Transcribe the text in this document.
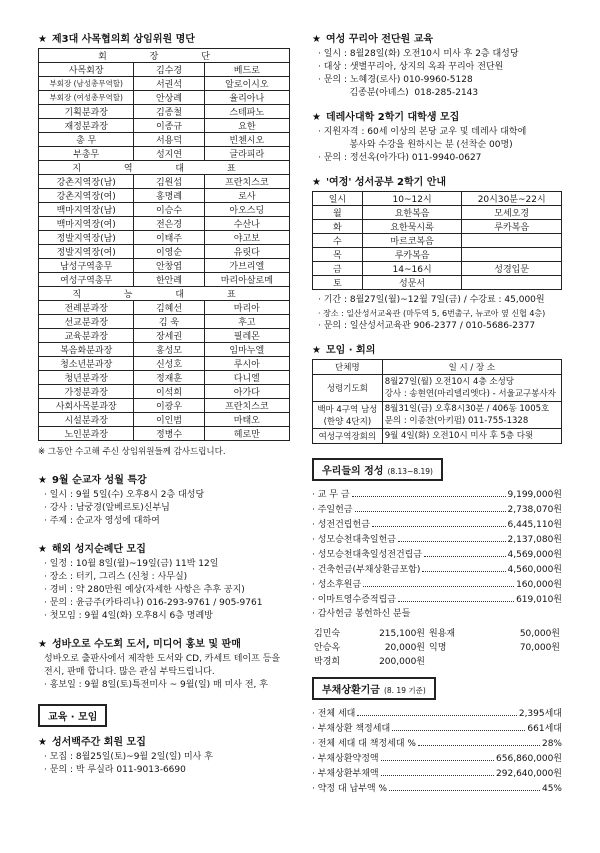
★ 제3대 사목협의회 상임위원 명단
회 장 단		
사목회장	김수경	베드로
부회장 (남성총무역할)	서권석	알로이시오
부회장 (여성총무역할)	안상례	율리아나
기획분과장	김종철	스테파노
재정분과장	이종규	요한
총 무	서용덕	빈첸시오
부총무	성지연	글라피라
지 역 대 표		
강촌지역장(남)	김원섭	프란치스코
강촌지역장(여)	홍명례	로사
백마지역장(남)	이승수	아오스딩
백마지역장(여)	전은경	수산나
정발지역장(남)	이태주	야고보
정발지역장(여)	이영순	유릿다
남성구역총무	안창엽	가브리엘
여성구역총무	한안례	마리아살로메
직 능 대 표		
전례분과장	김혜선	마리아
선교분과장	김 욱	후고
교육분과장	장세권	필레몬
복음화분과장	홍성모	임마누엘
청소년분과장	신성호	루시아
청년분과장	정재훈	다니엘
가정분과장	이석희	아가다
사회사목분과장	이광우	프란치스코
시설분과장	이인범	마태오
노인분과장	정병수	헤로만
※ 그동안 수고해 주신 상임위원들께 감사드립니다.
★ 9월 순교자 성월 특강
· 일시 : 9월 5일(수) 오후8시 2층 대성당
· 강사 : 남궁경(알베르토)신부님
· 주제 : 순교자 영성에 대하여
★ 해외 성지순례단 모집
· 일정 : 10월 8일(월)~19일(금) 11박 12일
· 장소 : 터키, 그리스 (신청 : 사무실)
· 경비 : 약 280만원 예상(자세한 사항은 추후 공지)
· 문의 : 윤금주(카타리나) 016-293-9761 / 905-9761
· 첫모임 : 9월 4일(화) 오후8시 6층 명례방
★ 성바오로 수도회 도서, 미디어 홍보 및 판매
성바오로 출판사에서 제작한 도서와 CD, 카세트 테이프 등을
전시, 판매 합니다. 많은 관심 부탁드립니다.
· 홍보일 : 9월 8일(토)특전미사 ~ 9월(일) 매 미사 전, 후
교육 · 모임
★ 성서백주간 회원 모집
· 모집 : 8월25일(토)~9월 2일(일) 미사 후
· 문의 : 박 루실라 011-9013-6690
★ 여성 꾸리아 전단원 교육
· 일시 : 8월28일(화) 오전10시 미사 후 2층 대성당
· 대상 : 샛별꾸리아, 상지의 옥좌 꾸리아 전단원
· 문의 : 노혜경(로사) 010-9960-5128
김종분(아녜스)  018-285-2143
★ 데레사대학 2학기 대학생 모집
· 지원자격 : 60세 이상의 본당 교우 및 데레사 대학에
봉사와 수강을 원하시는 분 (선착순 00명)
· 문의 : 정선옥(아가다) 011-9940-0627
★ '여정' 성서공부 2학기 안내
일시	10~12시	20시30분~22시
월	요한복음	모세오경
화	요한묵시록	루카복음
수	마르코복음	
목	루카복음	
금	14~16시	성경입문
토	성문서	
· 기간 : 8월27일(월)~12월 7일(금) / 수강료 : 45,000원
· 장소 : 일산성서교육관 (마두역 5, 6번출구, 뉴코아 옆 신협 4층)
· 문의 : 일산성서교육관 906-2377 / 010-5686-2377
★ 모임 · 회의
단체명	일 시 / 장 소
성령기도회	8월27일(월) 오전10시 4층 소성당
강사 : 송현연(마리델리엣다) - 서울교구봉사자

백마 4구역 남성 (한양 4단지)	8월31일(금) 오후8시30분 / 406동 1005호
문의 : 이종찬(아키펌) 011-755-1328

여성구역장회의	9월 4일(화) 오전10시 미사 후 5층 다윗
우리들의 정성 (8.13~8.19)
· 교 무 금	9,199,000원
· 주일헌금	2,738,070원
· 성전건립헌금	6,445,110원
· 성모승천대축일헌금	2,137,080원
· 성모승천대축일성전건립금	4,569,000원
· 건축헌금(부채상환금포함)	4,560,000원
· 성소후원금	160,000원
· 이마트영수증적립금	619,010원
· 감사헌금 봉헌하신 분들
김민숙	215,100원	원용재	50,000원
안승옥	20,000원	익명	70,000원
박경희	200,000원		
부채상환기금 (8. 19 기준)
· 전체 세대	2,395세대
· 부채상환 책정세대	661세대
· 전체 세대 대 책정세대 %	28%
· 부채상환약정액	656,860,000원
· 부채상환부채액	292,640,000원
· 약정 대 납부액 %	45%
